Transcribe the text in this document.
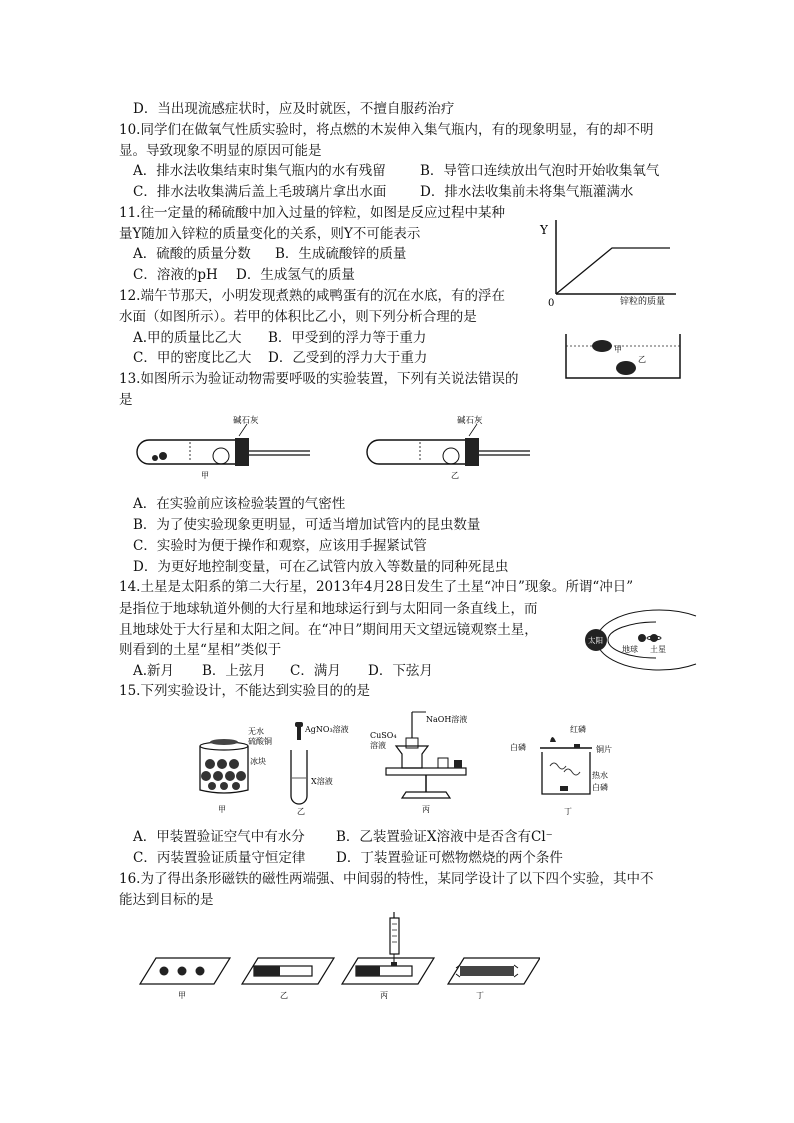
D．当出现流感症状时，应及时就医，不擅自服药治疗
10.同学们在做氧气性质实验时，将点燃的木炭伸入集气瓶内，有的现象明显，有的却不明
显。导致现象不明显的原因可能是
A．排水法收集结束时集气瓶内的水有残留	B．导管口连续放出气泡时开始收集氧气
C．排水法收集满后盖上毛玻璃片拿出水面 D．排水法收集前未将集气瓶灌满水
11.往一定量的稀硫酸中加入过量的锌粒，如图是反应过程中某种
量Y随加入锌粒的质量变化的关系，则Y不可能表示
A．硫酸的质量分数 B．生成硫酸锌的质量
C．溶液的pH D．生成氢气的质量
Y
0	锌粒的质量
12.端午节那天，小明发现煮熟的咸鸭蛋有的沉在水底，有的浮在
水面（如图所示）。若甲的体积比乙小，则下列分析合理的是
A.甲的质量比乙大 B．甲受到的浮力等于重力
C．甲的密度比乙大 D．乙受到的浮力大于重力
甲
乙
13.如图所示为验证动物需要呼吸的实验装置，下列有关说法错误的
是
碱石灰
甲
碱石灰
乙
A．在实验前应该检验装置的气密性
B．为了使实验现象更明显，可适当增加试管内的昆虫数量
C．实验时为便于操作和观察，应该用手握紧试管
D．为更好地控制变量，可在乙试管内放入等数量的同种死昆虫
14.土星是太阳系的第二大行星，2013年4月28日发生了土星“冲日”现象。所谓“冲日”
是指位于地球轨道外侧的大行星和地球运行到与太阳同一条直线上，而
且地球处于大行星和太阳之间。在“冲日”期间用天文望远镜观察土星，
则看到的土星“星相”类似于
A.新月 B．上弦月 C．满月 D．下弦月
太阳
地球 土星
15.下列实验设计，不能达到实验目的的是
无水
硫酸铜
冰块
甲
AgNO₃溶液
X溶液
乙
NaOH溶液
CuSO₄
溶液
丙
红磷
白磷	铜片
热水
白磷
丁
A．甲装置验证空气中有水分 B．乙装置验证X溶液中是否含有Cl⁻
C．丙装置验证质量守恒定律 D．丁装置验证可燃物燃烧的两个条件
16.为了得出条形磁铁的磁性两端强、中间弱的特性，某同学设计了以下四个实验，其中不
能达到目标的是
甲	乙	丙	丁
